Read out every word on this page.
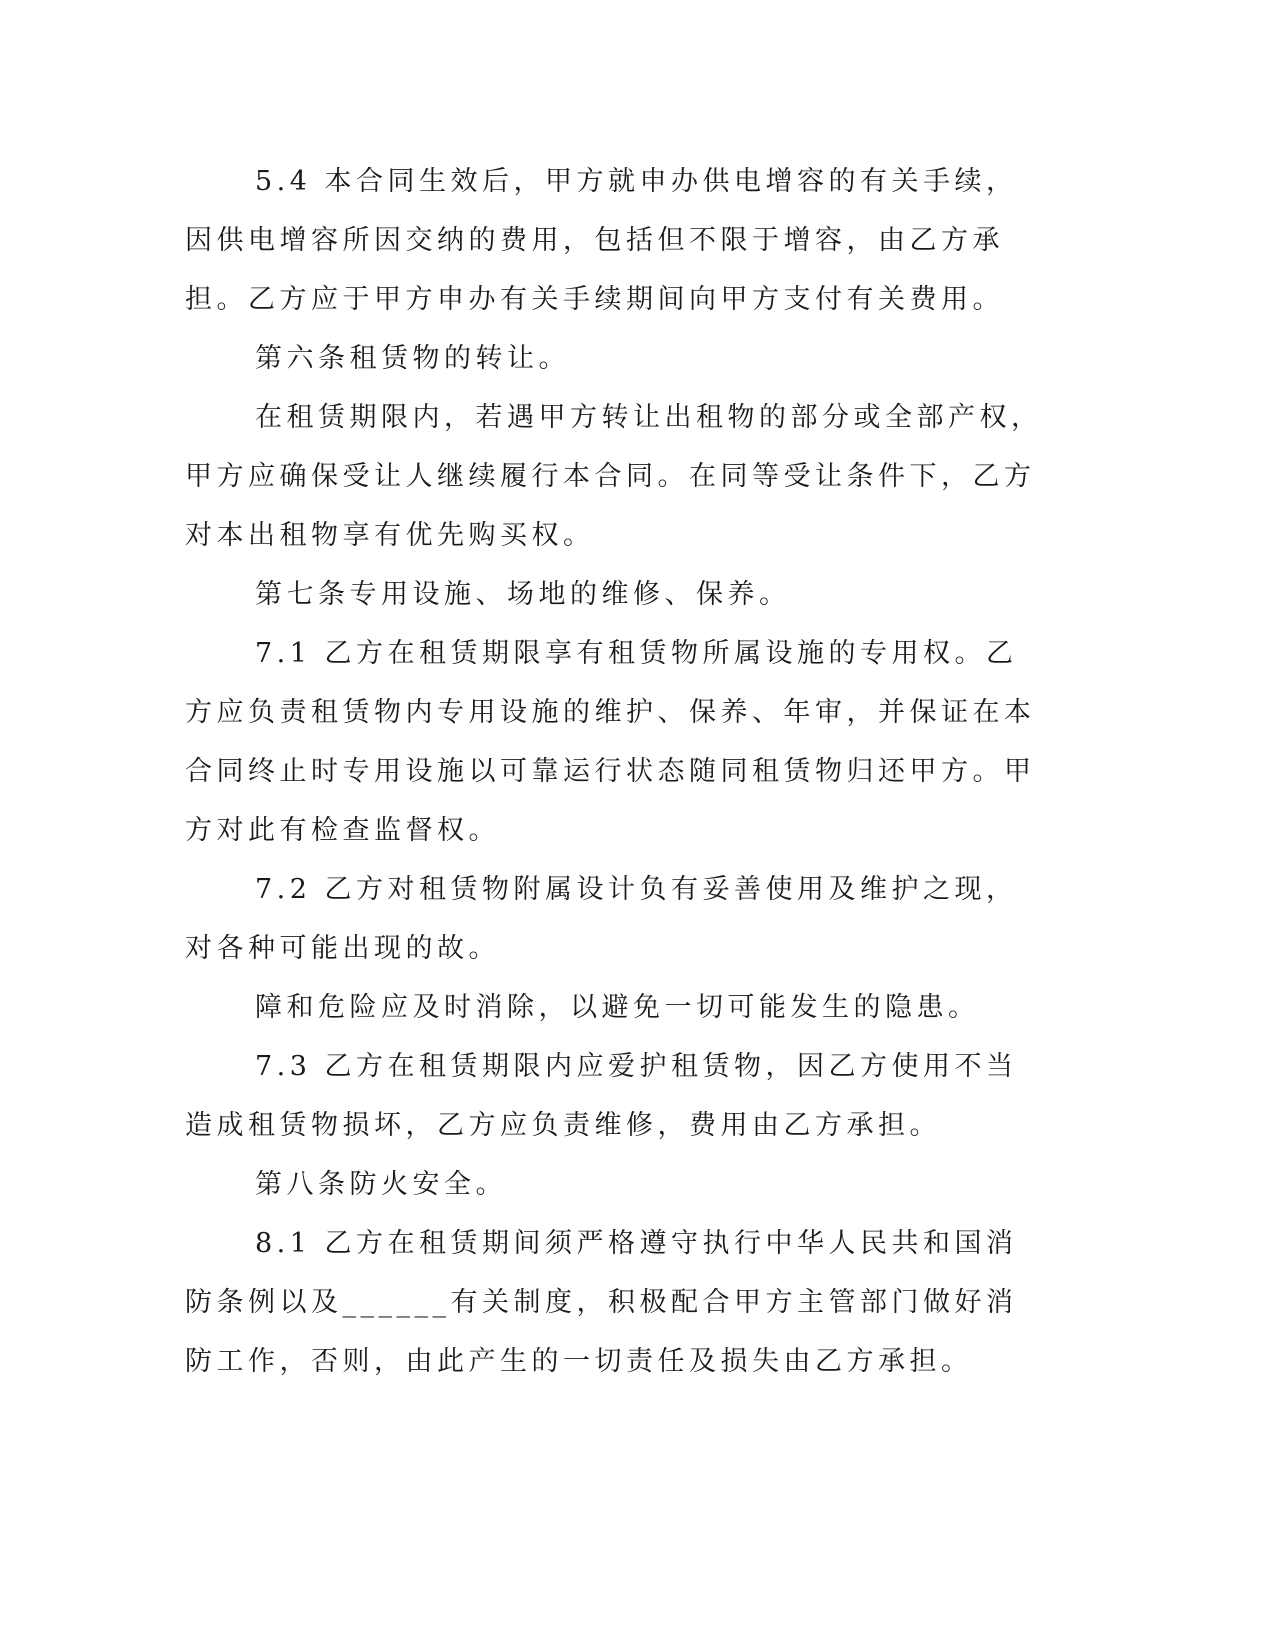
5.4 本合同生效后，甲方就申办供电增容的有关手续，因供电增容所因交纳的费用，包括但不限于增容，由乙方承担。乙方应于甲方申办有关手续期间向甲方支付有关费用。

第六条租赁物的转让。

在租赁期限内，若遇甲方转让出租物的部分或全部产权，甲方应确保受让人继续履行本合同。在同等受让条件下，乙方对本出租物享有优先购买权。

第七条专用设施、场地的维修、保养。

7.1 乙方在租赁期限享有租赁物所属设施的专用权。乙方应负责租赁物内专用设施的维护、保养、年审，并保证在本合同终止时专用设施以可靠运行状态随同租赁物归还甲方。甲方对此有检查监督权。

7.2 乙方对租赁物附属设计负有妥善使用及维护之现，对各种可能出现的故。

障和危险应及时消除，以避免一切可能发生的隐患。

7.3 乙方在租赁期限内应爱护租赁物，因乙方使用不当造成租赁物损坏，乙方应负责维修，费用由乙方承担。

第八条防火安全。

8.1 乙方在租赁期间须严格遵守执行中华人民共和国消防条例以及______有关制度，积极配合甲方主管部门做好消防工作，否则，由此产生的一切责任及损失由乙方承担。
